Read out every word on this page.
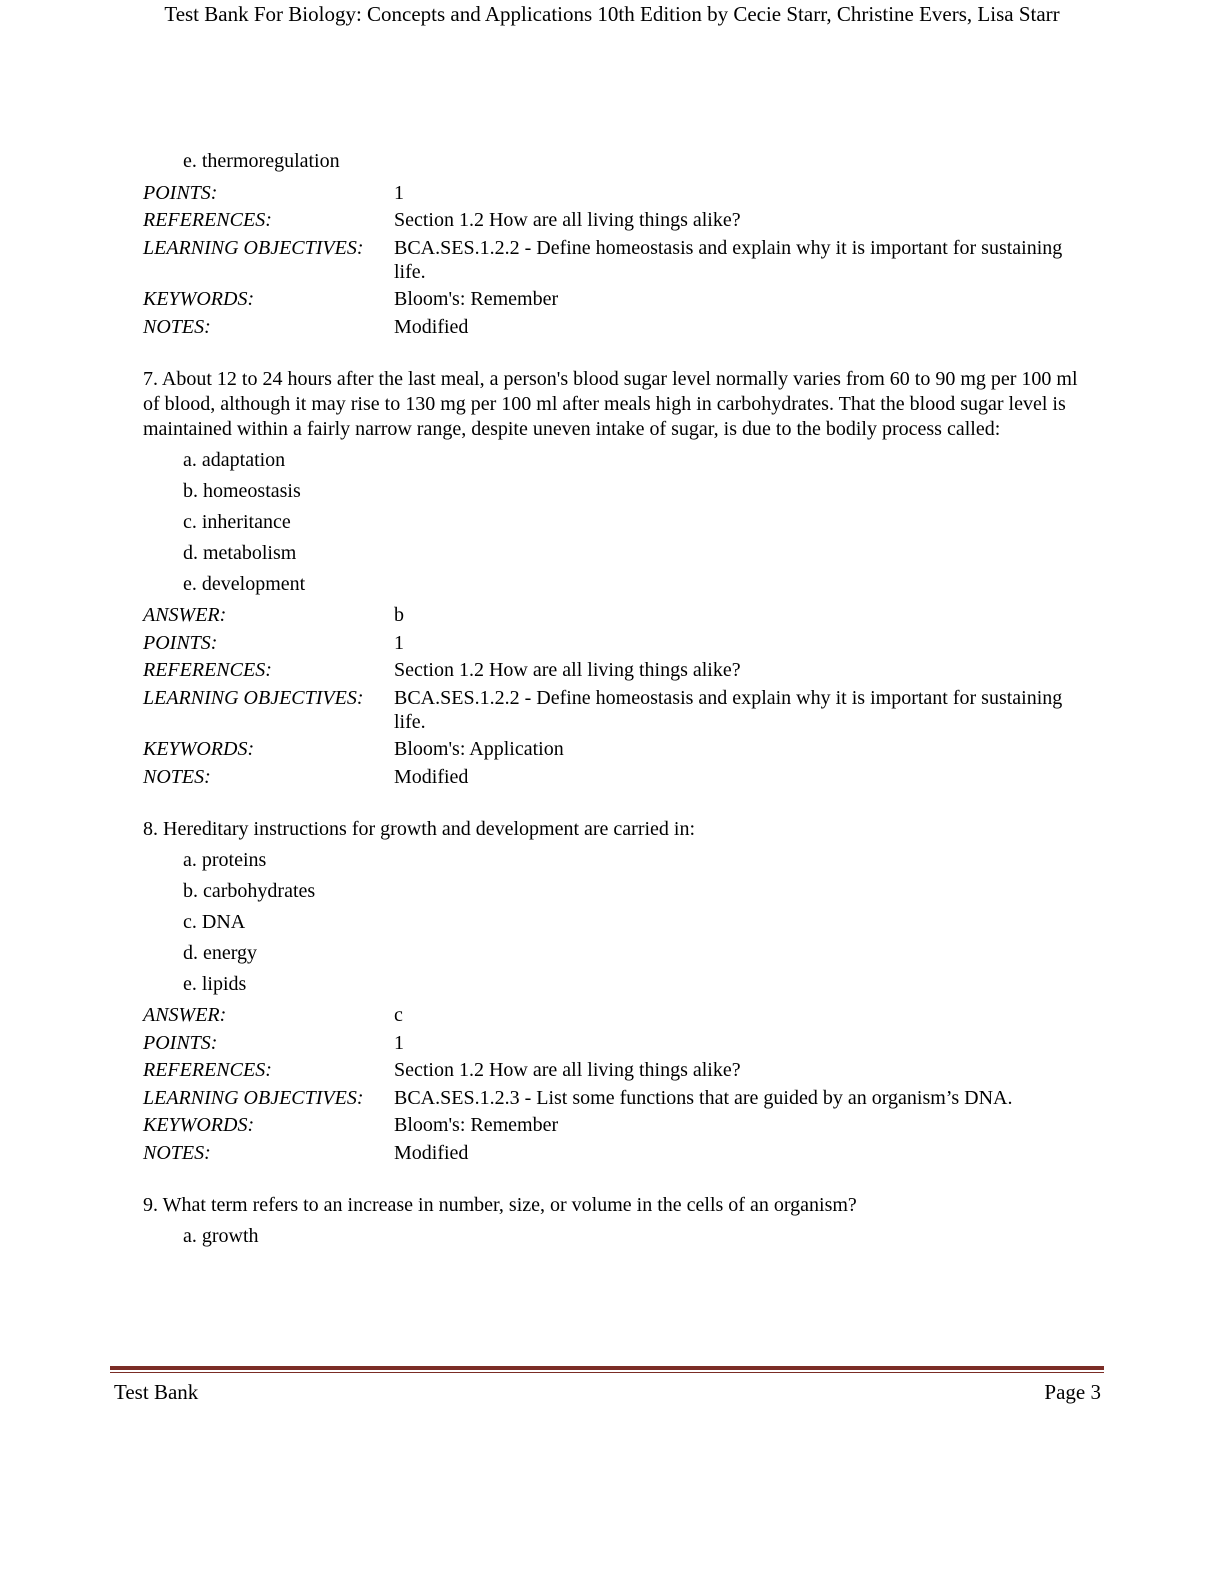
Test Bank For Biology: Concepts and Applications 10th Edition by Cecie Starr, Christine Evers, Lisa Starr
e. thermoregulation
POINTS:	1
REFERENCES:	Section 1.2 How are all living things alike?
LEARNING OBJECTIVES:	BCA.SES.1.2.2 - Define homeostasis and explain why it is important for sustaining life.
KEYWORDS:	Bloom's: Remember
NOTES:	Modified
7. About 12 to 24 hours after the last meal, a person's blood sugar level normally varies from 60 to 90 mg per 100 ml of blood, although it may rise to 130 mg per 100 ml after meals high in carbohydrates. That the blood sugar level is maintained within a fairly narrow range, despite uneven intake of sugar, is due to the bodily process called:
a. adaptation
b. homeostasis
c. inheritance
d. metabolism
e. development
ANSWER:	b
POINTS:	1
REFERENCES:	Section 1.2 How are all living things alike?
LEARNING OBJECTIVES:	BCA.SES.1.2.2 - Define homeostasis and explain why it is important for sustaining life.
KEYWORDS:	Bloom's: Application
NOTES:	Modified
8. Hereditary instructions for growth and development are carried in:
a. proteins
b. carbohydrates
c. DNA
d. energy
e. lipids
ANSWER:	c
POINTS:	1
REFERENCES:	Section 1.2 How are all living things alike?
LEARNING OBJECTIVES:	BCA.SES.1.2.3 - List some functions that are guided by an organism’s DNA.
KEYWORDS:	Bloom's: Remember
NOTES:	Modified
9. What term refers to an increase in number, size, or volume in the cells of an organism?
a. growth
Test Bank	Page 3
